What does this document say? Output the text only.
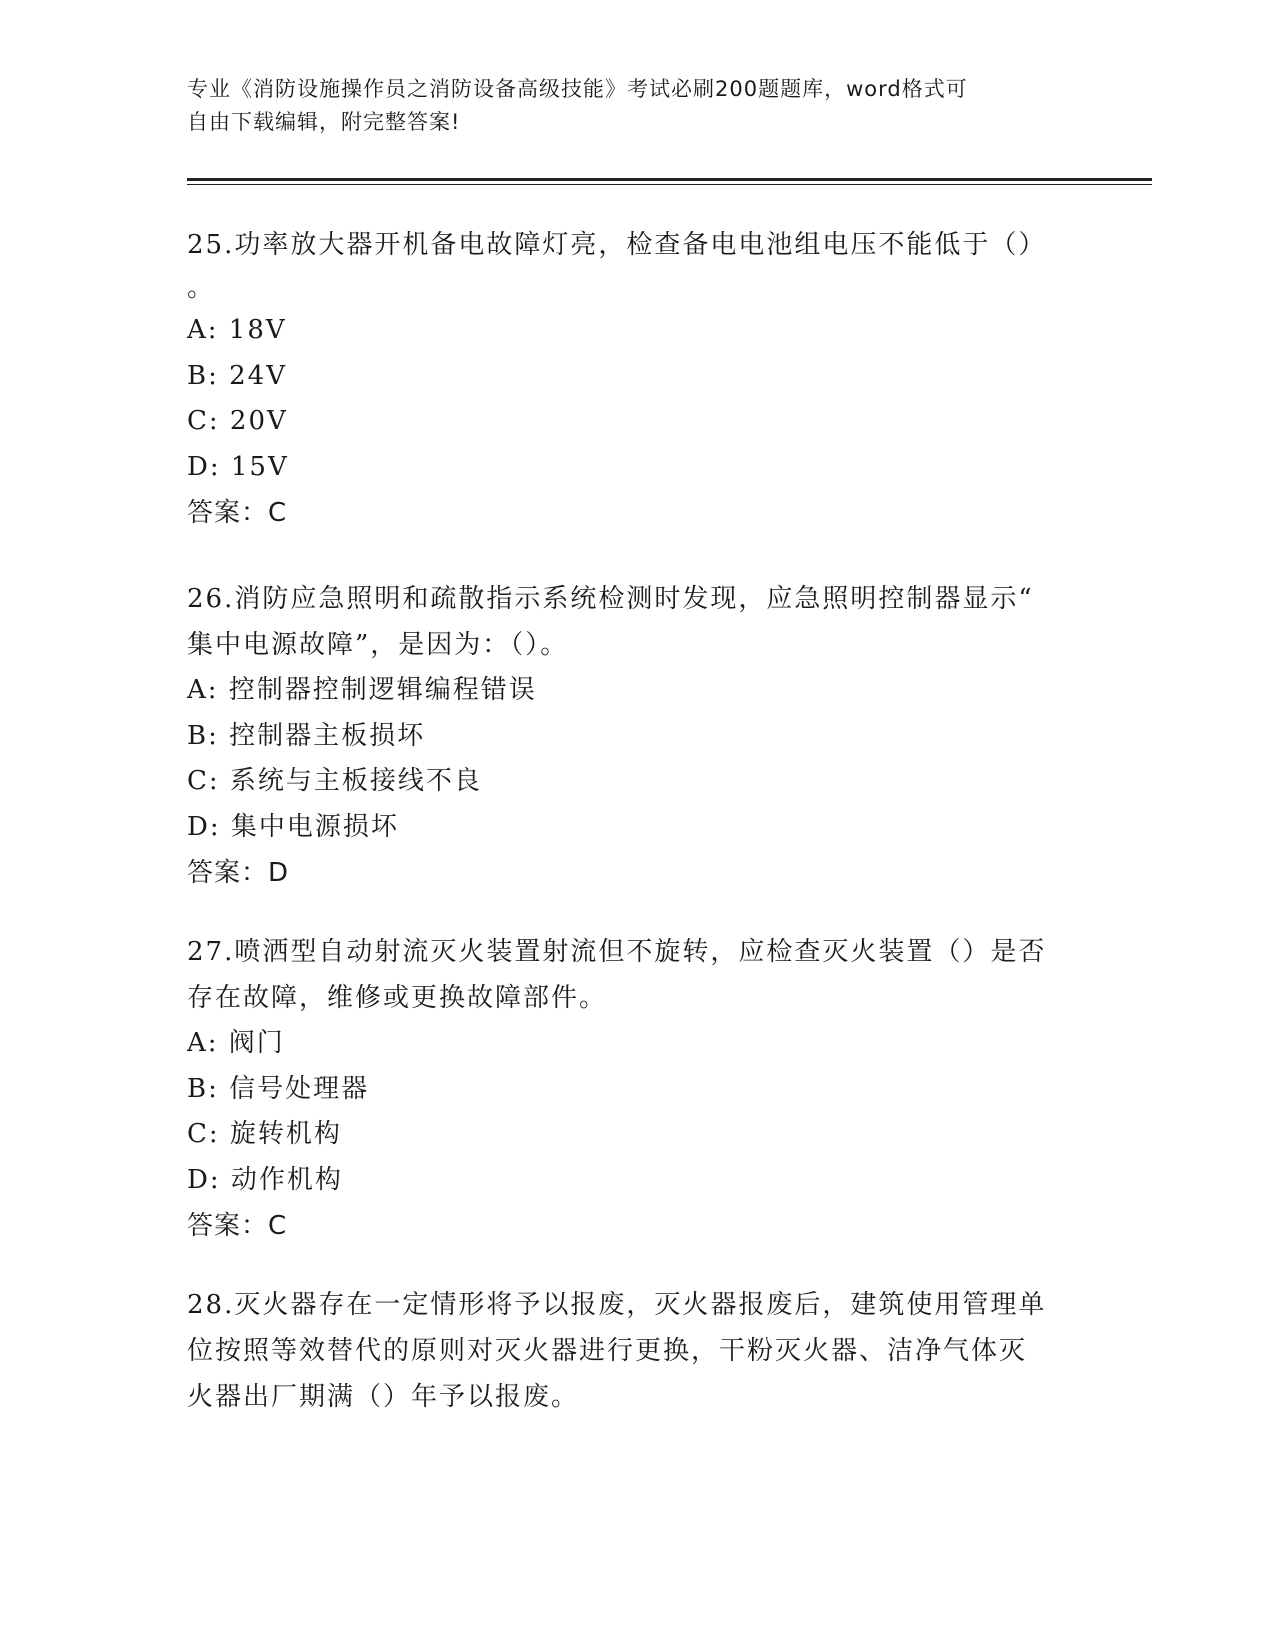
专业《消防设施操作员之消防设备高级技能》考试必刷200题题库，word格式可
自由下载编辑，附完整答案!

25.功率放大器开机备电故障灯亮，检查备电电池组电压不能低于（）

。

A: 18V

B: 24V

C: 20V

D: 15V

答案：C

26.消防应急照明和疏散指示系统检测时发现，应急照明控制器显示“

集中电源故障”，是因为：（）。

A: 控制器控制逻辑编程错误

B: 控制器主板损坏

C: 系统与主板接线不良

D: 集中电源损坏

答案：D

27.喷洒型自动射流灭火装置射流但不旋转，应检查灭火装置（）是否

存在故障，维修或更换故障部件。

A: 阀门

B: 信号处理器

C: 旋转机构

D: 动作机构

答案：C

28.灭火器存在一定情形将予以报废，灭火器报废后，建筑使用管理单

位按照等效替代的原则对灭火器进行更换，干粉灭火器、洁净气体灭

火器出厂期满（）年予以报废。
